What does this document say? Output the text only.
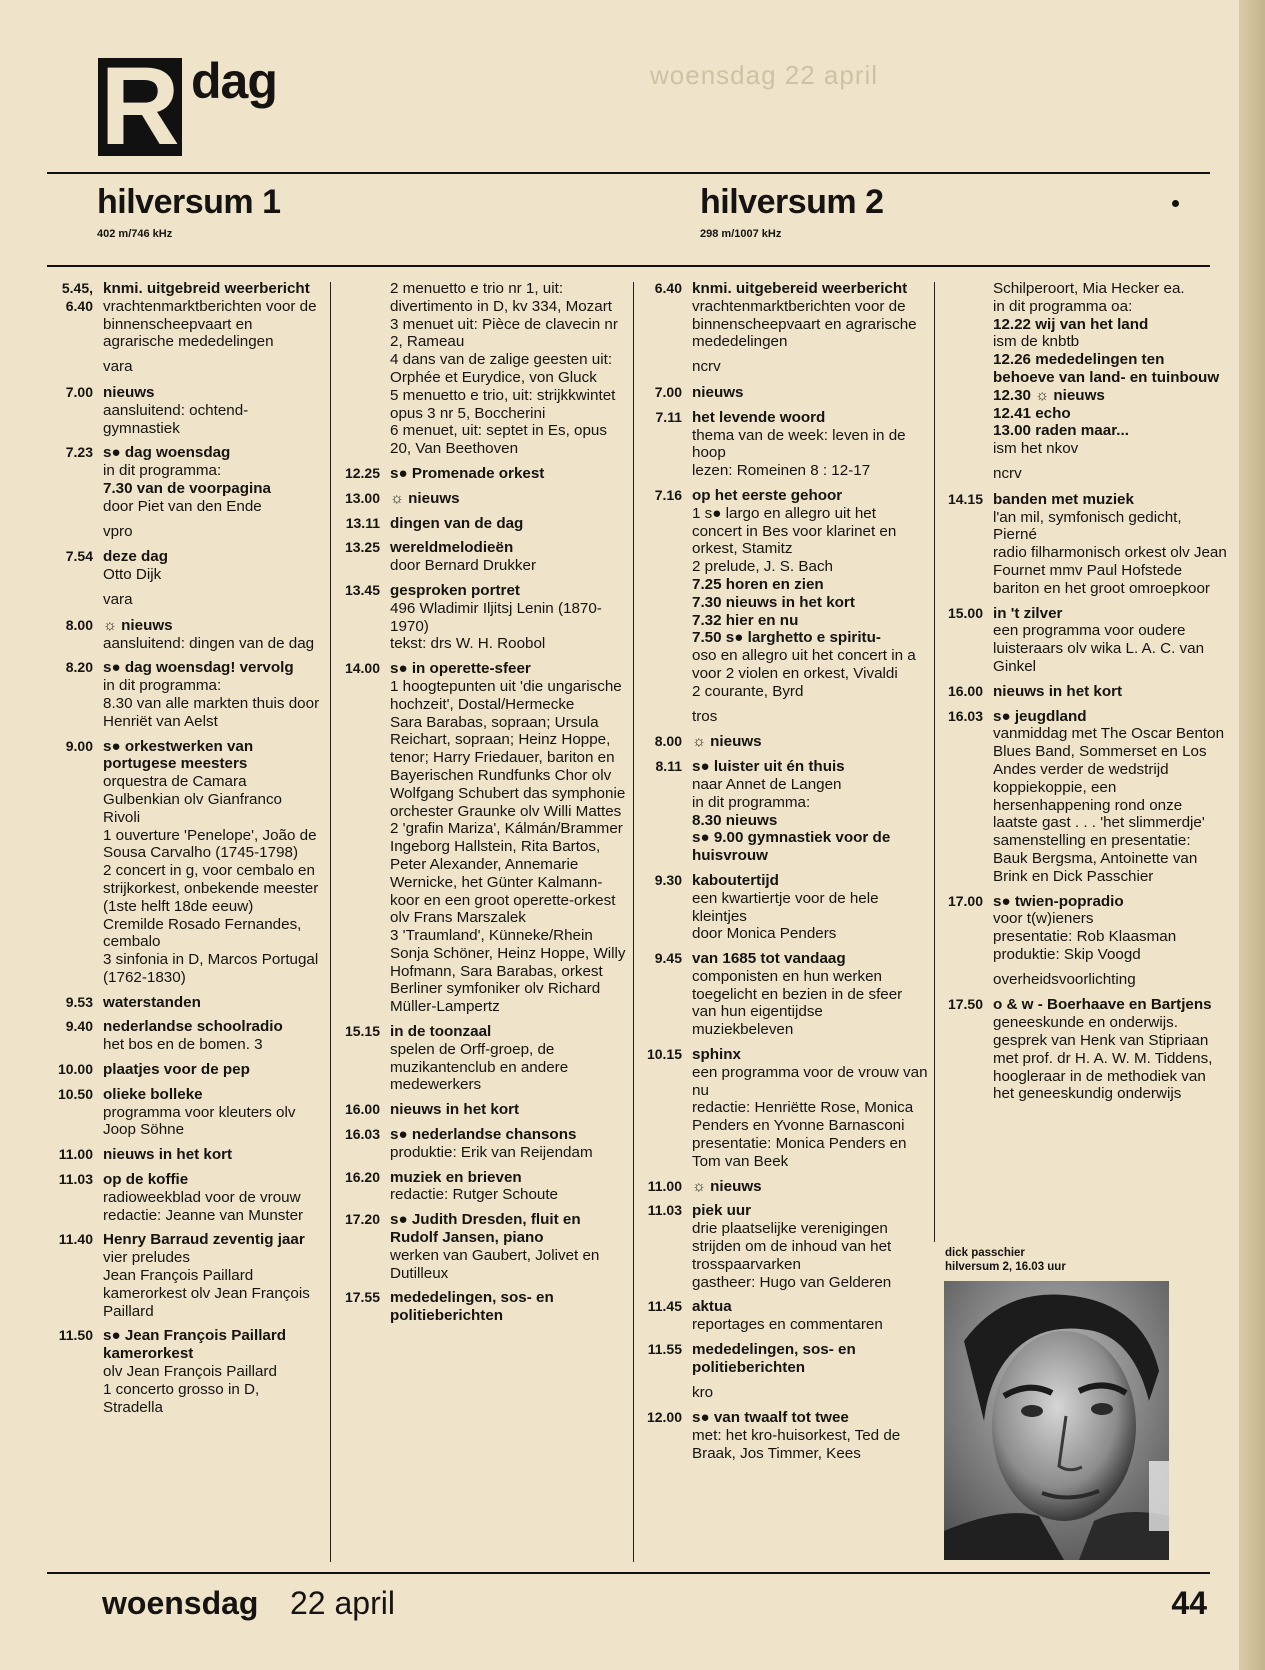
woensdag 22 april
R dag
hilversum 1
402 m/746 kHz
hilversum 2
298 m/1007 kHz
5.45, 6.40
knmi. uitgebreid weerbericht
vrachtenmarktberichten voor de binnenscheepvaart en agrarische mededelingen
vara
7.00 nieuws
aansluitend: ochtend-gymnastiek
7.23 s● dag woensdag
in dit programma:
7.30 van de voorpagina
door Piet van den Ende
vpro
7.54 deze dag
Otto Dijk
vara
8.00 ☼ nieuws
aansluitend: dingen van de dag
8.20 s● dag woensdag! vervolg
in dit programma:
8.30 van alle markten thuis door Henriët van Aelst
9.00 s● orkestwerken van portugese meesters
orquestra de Camara Gulbenkian olv Gianfranco Rivoli
1 ouverture 'Penelope', João de Sousa Carvalho (1745-1798)
2 concert in g, voor cembalo en strijkorkest, onbekende meester (1ste helft 18de eeuw)
Cremilde Rosado Fernandes, cembalo
3 sinfonia in D, Marcos Portugal (1762-1830)
9.53 waterstanden
9.40 nederlandse schoolradio
het bos en de bomen. 3
10.00 plaatjes voor de pep
10.50 olieke bolleke
programma voor kleuters olv Joop Söhne
11.00 nieuws in het kort
11.03 op de koffie
radioweekblad voor de vrouw
redactie: Jeanne van Munster
11.40 Henry Barraud zeventig jaar
vier preludes
Jean François Paillard kamerorkest olv Jean François Paillard
11.50 s● Jean François Paillard kamerorkest
olv Jean François Paillard
1 concerto grosso in D, Stradella
2 menuetto e trio nr 1, uit: divertimento in D, kv 334, Mozart
3 menuet uit: Pièce de clavecin nr 2, Rameau
4 dans van de zalige geesten uit: Orphée et Eurydice, von Gluck
5 menuetto e trio, uit: strijkkwintet opus 3 nr 5, Boccherini
6 menuet, uit: septet in Es, opus 20, Van Beethoven
12.25 s● Promenade orkest
13.00 ☼ nieuws
13.11 dingen van de dag
13.25 wereldmelodieën
door Bernard Drukker
13.45 gesproken portret
496 Wladimir Iljitsj Lenin (1870-1970)
tekst: drs W. H. Roobol
14.00 s● in operette-sfeer
1 hoogtepunten uit 'die ungarische hochzeit', Dostal/Hermecke
Sara Barabas, sopraan; Ursula Reichart, sopraan; Heinz Hoppe, tenor; Harry Friedauer, bariton en Bayerischen Rundfunks Chor olv Wolfgang Schubert das symphonie orchester Graunke olv Willi Mattes
2 'grafin Mariza', Kálmán/Brammer
Ingeborg Hallstein, Rita Bartos, Peter Alexander, Annemarie Wernicke, het Günter Kalmann-koor en een groot operette-orkest olv Frans Marszalek
3 'Traumland', Künneke/Rhein Sonja Schöner, Heinz Hoppe, Willy Hofmann, Sara Barabas, orkest Berliner symfoniker olv Richard Müller-Lampertz
15.15 in de toonzaal
spelen de Orff-groep, de muzikantenclub en andere medewerkers
16.00 nieuws in het kort
16.03 s● nederlandse chansons
produktie: Erik van Reijendam
16.20 muziek en brieven
redactie: Rutger Schoute
17.20 s● Judith Dresden, fluit en Rudolf Jansen, piano
werken van Gaubert, Jolivet en Dutilleux
17.55 mededelingen, sos- en politieberichten
6.40 knmi. uitgebereid weerbericht
vrachtenmarktberichten voor de binnenscheepvaart en agrarische mededelingen
ncrv
7.00 nieuws
7.11 het levende woord
thema van de week: leven in de hoop
lezen: Romeinen 8 : 12-17
7.16 op het eerste gehoor
1 s● largo en allegro uit het concert in Bes voor klarinet en orkest, Stamitz
2 prelude, J. S. Bach
7.25 horen en zien
7.30 nieuws in het kort
7.32 hier en nu
7.50 s● larghetto e spiritu-
oso en allegro uit het concert in a voor 2 violen en orkest, Vivaldi
2 courante, Byrd
tros
8.00 ☼ nieuws
8.11 s● luister uit én thuis
naar Annet de Langen
in dit programma:
8.30 nieuws
s● 9.00 gymnastiek voor de huisvrouw
9.30 kaboutertijd
een kwartiertje voor de hele kleintjes
door Monica Penders
9.45 van 1685 tot vandaag
componisten en hun werken toegelicht en bezien in de sfeer van hun eigentijdse muziekbeleven
10.15 sphinx
een programma voor de vrouw van nu
redactie: Henriëtte Rose, Monica Penders en Yvonne Barnasconi
presentatie: Monica Penders en Tom van Beek
11.00 ☼ nieuws
11.03 piek uur
drie plaatselijke verenigingen strijden om de inhoud van het trosspaarvarken
gastheer: Hugo van Gelderen
11.45 aktua
reportages en commentaren
11.55 mededelingen, sos- en politieberichten
kro
12.00 s● van twaalf tot twee
met: het kro-huisorkest, Ted de Braak, Jos Timmer, Kees
Schilperoort, Mia Hecker ea.
in dit programma oa:
12.22 wij van het land
ism de knbtb
12.26 mededelingen ten behoeve van land- en tuinbouw
12.30 ☼ nieuws
12.41 echo
13.00 raden maar...
ism het nkov
ncrv
14.15 banden met muziek
l'an mil, symfonisch gedicht, Pierné
radio filharmonisch orkest olv Jean Fournet mmv Paul Hofstede bariton en het groot omroepkoor
15.00 in 't zilver
een programma voor oudere luisteraars olv wika L. A. C. van Ginkel
16.00 nieuws in het kort
16.03 s● jeugdland
vanmiddag met The Oscar Benton Blues Band, Sommerset en Los Andes verder de wedstrijd koppiekoppie, een hersenhappening rond onze laatste gast . . . 'het slimmerdje'
samenstelling en presentatie: Bauk Bergsma, Antoinette van Brink en Dick Passchier
17.00 s● twien-popradio
voor t(w)ieners
presentatie: Rob Klaasman
produktie: Skip Voogd
overheidsvoorlichting
17.50 o & w - Boerhaave en Bartjens
geneeskunde en onderwijs.
gesprek van Henk van Stipriaan met prof. dr H. A. W. M. Tiddens, hoogleraar in de methodiek van het geneeskundig onderwijs
dick passchier
hilversum 2, 16.03 uur
woensdag 22 april	44
